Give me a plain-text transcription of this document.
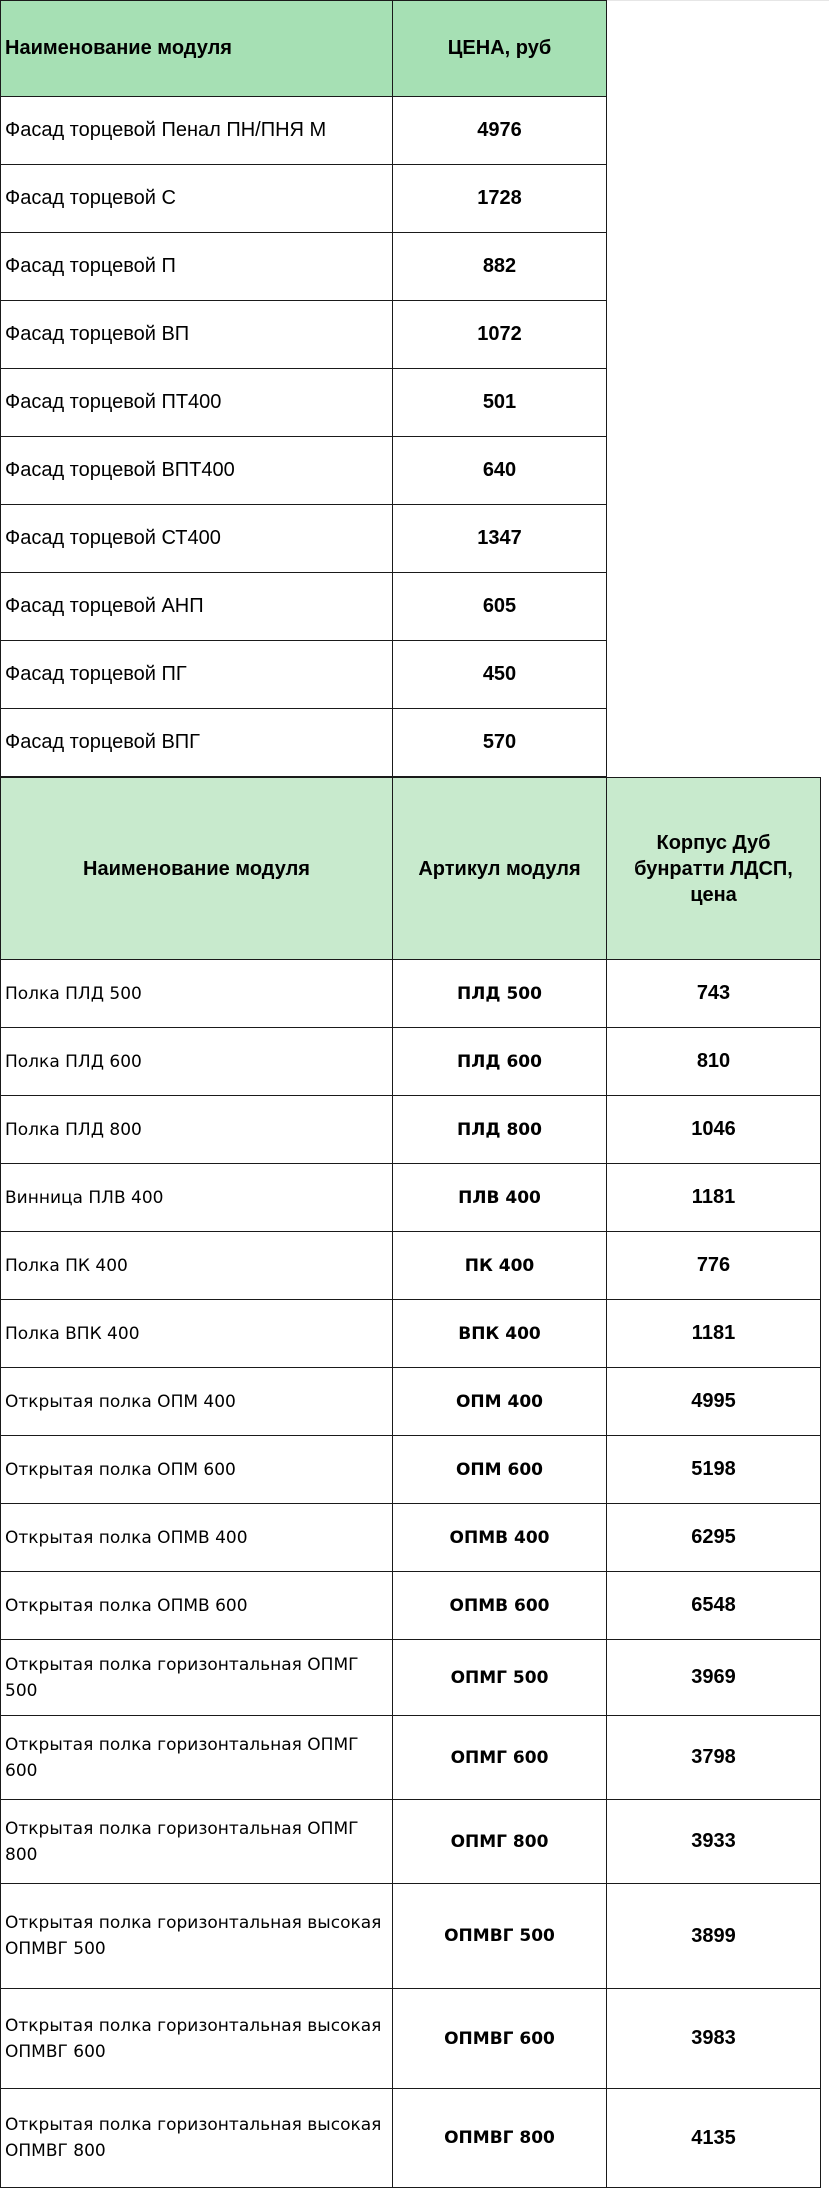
Наименование модуля	ЦЕНА, руб
Фасад торцевой Пенал ПН/ПНЯ М	4976
Фасад торцевой С	1728
Фасад торцевой П	882
Фасад торцевой ВП	1072
Фасад торцевой ПТ400	501
Фасад торцевой ВПТ400	640
Фасад торцевой СТ400	1347
Фасад торцевой АНП	605
Фасад торцевой ПГ	450
Фасад торцевой ВПГ	570
Наименование модуля	Артикул модуля	Корпус Дуб бунратти ЛДСП, цена
Полка ПЛД 500	ПЛД 500	743
Полка ПЛД 600	ПЛД 600	810
Полка ПЛД 800	ПЛД 800	1046
Винница ПЛВ 400	ПЛВ 400	1181
Полка ПК 400	ПК 400	776
Полка ВПК 400	ВПК 400	1181
Открытая полка ОПМ 400	ОПМ 400	4995
Открытая полка ОПМ 600	ОПМ 600	5198
Открытая полка ОПМВ 400	ОПМВ 400	6295
Открытая полка ОПМВ 600	ОПМВ 600	6548
Открытая полка горизонтальная ОПМГ 500	ОПМГ 500	3969
Открытая полка горизонтальная ОПМГ 600	ОПМГ 600	3798
Открытая полка горизонтальная ОПМГ 800	ОПМГ 800	3933
Открытая полка горизонтальная высокая ОПМВГ 500	ОПМВГ 500	3899
Открытая полка горизонтальная высокая ОПМВГ 600	ОПМВГ 600	3983
Открытая полка горизонтальная высокая ОПМВГ 800	ОПМВГ 800	4135
